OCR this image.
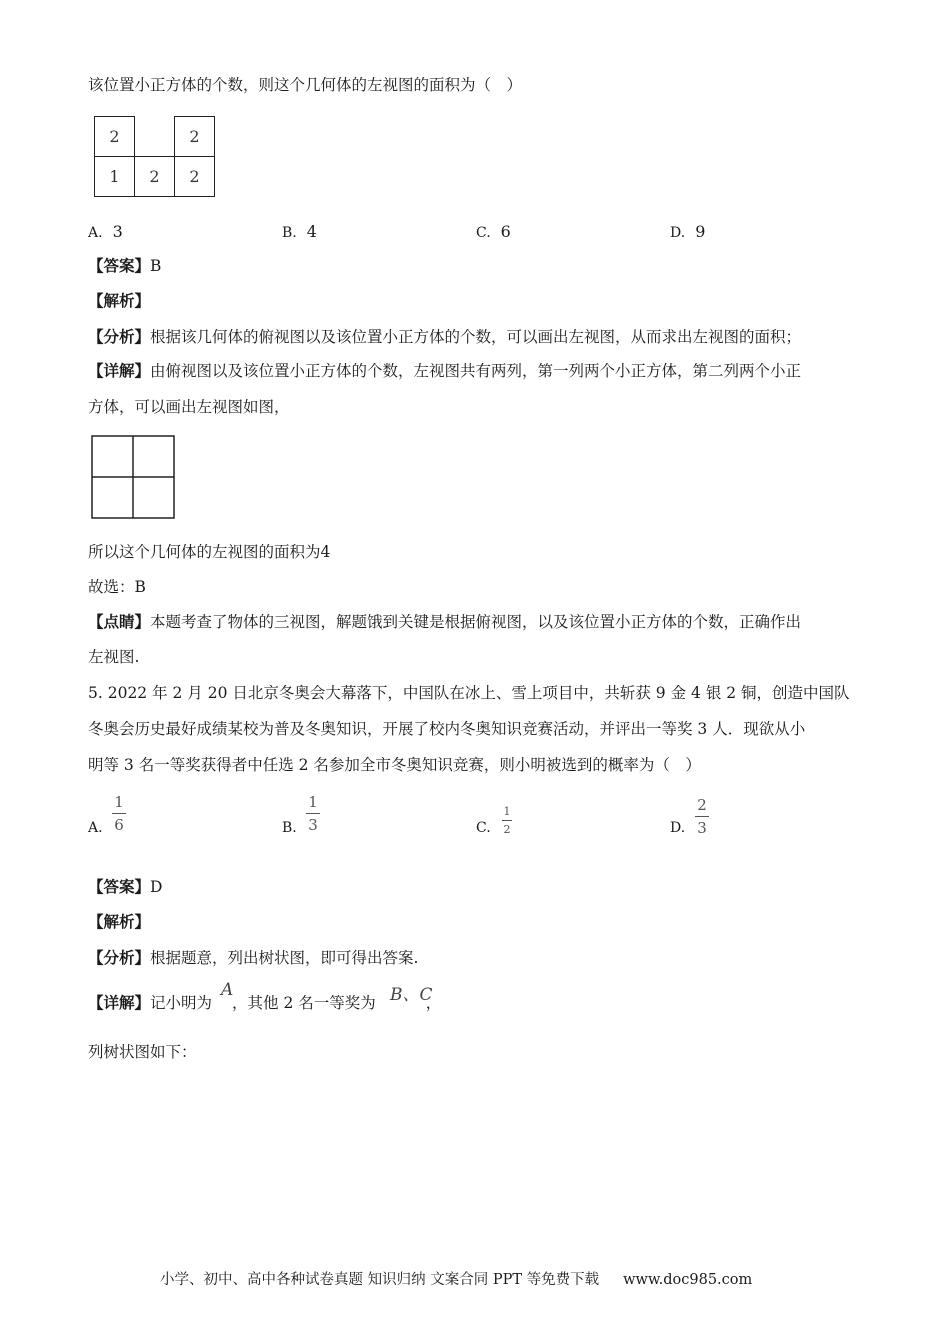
该位置小正方体的个数，则这个几何体的左视图的面积为（　）
2		2
1	2	2
A. 3	B. 4	C. 6	D. 9
【答案】B
【解析】
【分析】根据该几何体的俯视图以及该位置小正方体的个数，可以画出左视图，从而求出左视图的面积；
【详解】由俯视图以及该位置小正方体的个数，左视图共有两列，第一列两个小正方体，第二列两个小正
方体，可以画出左视图如图，
所以这个几何体的左视图的面积为4
故选：B
【点睛】本题考查了物体的三视图，解题饿到关键是根据俯视图，以及该位置小正方体的个数，正确作出
左视图.
5. 2022 年 2 月 20 日北京冬奥会大幕落下，中国队在冰上、雪上项目中，共斩获 9 金 4 银 2 铜，创造中国队
冬奥会历史最好成绩某校为普及冬奥知识，开展了校内冬奥知识竞赛活动，并评出一等奖 3 人．现欲从小
明等 3 名一等奖获得者中任选 2 名参加全市冬奥知识竞赛，则小明被选到的概率为（　）
A.
1
6	B.
1
3	C.
1
2	D.
2
3
【答案】D
【解析】
【分析】根据题意，列出树状图，即可得出答案.
【详解】记小明为 ，其他 2 名一等奖为	，
A	B、C
列树状图如下：
小学、初中、高中各种试卷真题 知识归纳 文案合同 PPT 等免费下载 www.doc985.com
